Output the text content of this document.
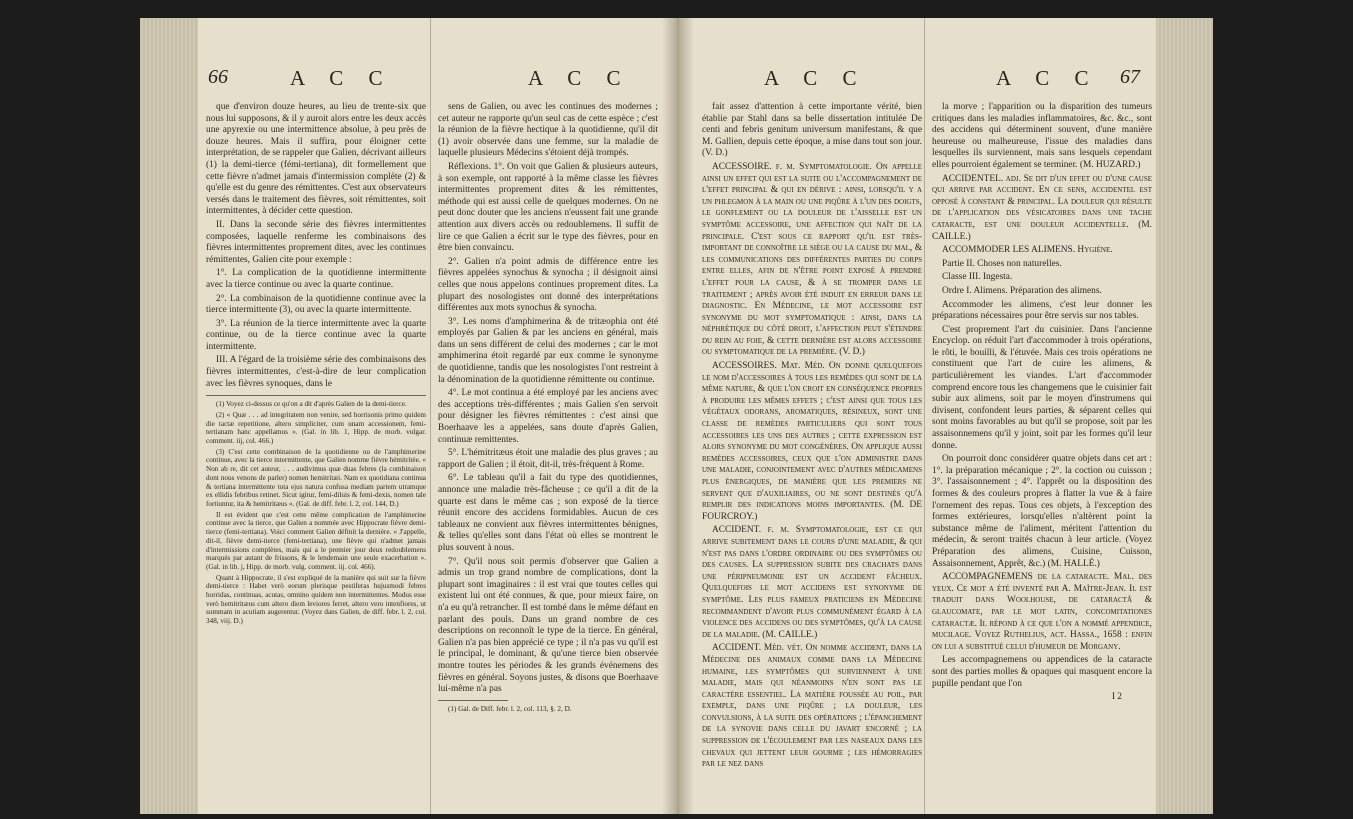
66	A C C	A C C

que d'environ douze heures, au lieu de trente-six que nous lui supposons, & il y auroit alors entre les deux accès une apyrexie ou une intermittence absolue, à peu près de douze heures. Mais il suffira, pour éloigner cette interprétation, de se rappeler que Galien, décrivant ailleurs (1) la demi-tierce (fémi-tertiana), dit formellement que cette fièvre n'admet jamais d'intermission complète (2) & qu'elle est du genre des rémittentes. C'est aux observateurs versés dans le traitement des fièvres, soit rémittentes, soit intermittentes, à décider cette question.

II. Dans la seconde série des fièvres intermittentes composées, laquelle renferme les combinaisons des fièvres intermittentes proprement dites, avec les continues rémittentes, Galien cite pour exemple :

1°. La complication de la quotidienne intermittente avec la tierce continue ou avec la quarte continue.

2°. La combinaison de la quotidienne continue avec la tierce intermittente (3), ou avec la quarte intermittente.

3°. La réunion de la tierce intermittente avec la quarte continue, ou de la tierce continue avec la quarte intermittente.

III. A l'égard de la troisième série des combinaisons des fièvres intermittentes, c'est-à-dire de leur complication avec les fièvres synoques, dans le

(1) Voyez ci-dessus ce qu'on a dit d'après Galien de la demi-tierce.

(2) « Quæ . . . ad integritatem non venire, sed horrisonis primo quidem die tactæ repetitione, altero simpliciter, cum unam accessionem, femi-tertianam hanc appellamus ». (Gal. in lib. 1, Hipp. de morb. vulgar. comment. iij, col. 466.)

(3) C'est cette combinaison de la quotidienne ou de l'amphimerine continue, avec la tierce intermittente, que Galien nomme fièvre hémitritée. « Non ab re, dit cet auteur, . . . audivimus quæ duas febres (la combinaison dont nous venons de parler) nomen hemitritæi. Nam ex quotidiana continua & tertiana intermittente tota ejus natura confusa mediam partem utramque ex ellidis febribus retinet. Sicut igitur, femi-diluis & femi-dexis, nomen tale fortiuntur, ita & hemitritæus ». (Gal. de diff. febr. l. 2, col. 144, D.)

Il est évident que c'est cette même complication de l'amphimerine continue avec la tierce, que Galien a nommée avec Hippocrate fièvre demi-tierce (femi-tertiana). Voici comment Galien définit la dernière. « J'appelle, dit-il, fièvre demi-tierce (femi-tertiana), une fièvre qui n'admet jamais d'intermissions complètes, mais qui a le premier jour deux redoublemens marqués par autant de frissons, & le lendemain une seule exacerbation ». (Gal. in lib. j, Hipp. de morb. vulg. comment. iij. col. 466).

Quant à Hippocrate, il s'est expliqué de la manière qui suit sur la fièvre demi-tierce : Habet verò eorum plerisque pestiferas hujusmodi febres horridas, continuas, acutas, omnino quidem non intermittentes. Modus esse verò hemitritæus cum altero diem leviores ferret, altero vero intenfiores, ut summam in acutiam augerentur. (Voyez dans Galien, de diff. febr. l. 2, col. 348, viij. D.)

sens de Galien, ou avec les continues des modernes ; cet auteur ne rapporte qu'un seul cas de cette espèce ; c'est la réunion de la fièvre hectique à la quotidienne, qu'il dit (1) avoir observée dans une femme, sur la maladie de laquelle plusieurs Médecins s'étoient déjà trompés.

Réflexions. 1°. On voit que Galien & plusieurs auteurs, à son exemple, ont rapporté à la même classe les fièvres intermittentes proprement dites & les rémittentes, méthode qui est aussi celle de quelques modernes. On ne peut donc douter que les anciens n'eussent fait une grande attention aux divers accès ou redoublemens. Il suffit de lire ce que Galien a écrit sur le type des fièvres, pour en être bien convaincu.

2°. Galien n'a point admis de différence entre les fièvres appelées synochus & synocha ; il désignoit ainsi celles que nous appelons continues proprement dites. La plupart des nosologistes ont donné des interprétations différentes aux mots synochus & synocha.

3°. Les noms d'amphimerina & de tritæophia ont été employés par Galien & par les anciens en général, mais dans un sens différent de celui des modernes ; car le mot amphimerina étoit regardé par eux comme le synonyme de quotidienne, tandis que les nosologistes l'ont restreint à la dénomination de la quotidienne rémittente ou continue.

4°. Le mot continua a été employé par les anciens avec des acceptions très-différentes ; mais Galien s'en servoit pour désigner les fièvres rémittentes : c'est ainsi que Boerhaave les a appelées, sans doute d'après Galien, continuæ remittentes.

5°. L'hémitritæus étoit une maladie des plus graves ; au rapport de Galien ; il étoit, dit-il, très-fréquent à Rome.

6°. Le tableau qu'il a fait du type des quotidiennes, annonce une maladie très-fâcheuse ; ce qu'il a dit de la quarte est dans le même cas ; son exposé de la tierce réunit encore des accidens formidables. Aucun de ces tableaux ne convient aux fièvres intermittentes bénignes, & telles qu'elles sont dans l'état où elles se montrent le plus souvent à nous.

7°. Qu'il nous soit permis d'observer que Galien a admis un trop grand nombre de complications, dont la plupart sont imaginaires : il est vrai que toutes celles qui existent lui ont été connues, & que, pour mieux faire, on n'a eu qu'à retrancher. Il est tombé dans le même défaut en parlant des pouls. Dans un grand nombre de ces descriptions on reconnoît le type de la tierce. En général, Galien n'a pas bien apprécié ce type ; il n'a pas vu qu'il est le principal, le dominant, & qu'une tierce bien observée montre toutes les périodes & les grands événemens des fièvres en général. Soyons justes, & disons que Boerhaave lui-même n'a pas

(1) Gal. de Diff. febr. l. 2, col. 113, §. 2, D.

A C C	A C C 67

fait assez d'attention à cette importante vérité, bien établie par Stahl dans sa belle dissertation intitulée De centi and febris genitum universum manifestans, & que M. Gallien, depuis cette époque, a mise dans tout son jour. (V. D.)

ACCESSOIRE. f. m. Symptomatologie. On appelle ainsi un effet qui est la suite ou l'accompagnement de l'effet principal & qui en dérive : ainsi, lorsqu'il y a un phlegmon à la main ou une piqûre à l'un des doigts, le gonflement ou la douleur de l'aisselle est un symptôme accessoire, une affection qui naît de la principale. C'est sous ce rapport qu'il est très-important de connoître le siège ou la cause du mal, & les communications des différentes parties du corps entre elles, afin de n'être point exposé à prendre l'effet pour la cause, & à se tromper dans le traitement ; après avoir été induit en erreur dans le diagnostic. En Médecine, le mot accessoire est synonyme du mot symptomatique : ainsi, dans la néphrétique du côté droit, l'affection peut s'étendre du rein au foie, & cette dernière est alors accessoire ou symptomatique de la première. (V. D.)

ACCESSOIRES. Mat. Méd. On donne quelquefois le nom d'accessoires à tous les remèdes qui sont de la même nature, & que l'on croit en conséquence propres à produire les mêmes effets ; c'est ainsi que tous les végétaux odorans, aromatiques, résineux, sont une classe de remèdes particuliers qui sont tous accessoires les uns des autres ; cette expression est alors synonyme du mot congénères. On applique aussi remèdes accessoires, ceux que l'on administre dans une maladie, conjointement avec d'autres médicamens plus énergiques, de manière que les premiers ne servent que d'auxiliaires, ou ne sont destinés qu'à remplir des indications moins importantes. (M. DE FOURCROY.)

ACCIDENT. f. m. Symptomatologie, est ce qui arrive subitement dans le cours d'une maladie, & qui n'est pas dans l'ordre ordinaire ou des symptômes ou des causes. La suppression subite des crachats dans une péripneumonie est un accident fâcheux. Quelquefois le mot accidens est synonyme de symptôme. Les plus fameux praticiens en Médecine recommandent d'avoir plus communément égard à la violence des accidens ou des symptômes, qu'à la cause de la maladie. (M. CAILLE.)

ACCIDENT. Méd. vét. On nomme accident, dans la Médecine des animaux comme dans la Médecine humaine, les symptômes qui surviennent à une maladie, mais qui néanmoins n'en sont pas le caractère essentiel. La matière foussée au poil, par exemple, dans une piqûre ; la douleur, les convulsions, à la suite des opérations ; l'épanchement de la synovie dans celle du javart encorné ; la suppression de l'écoulement par les naseaux dans les chevaux qui jettent leur gourme ; les hémorragies par le nez dans

la morve ; l'apparition ou la disparition des tumeurs critiques dans les maladies inflammatoires, &c. &c., sont des accidens qui déterminent souvent, d'une manière heureuse ou malheureuse, l'issue des maladies dans lesquelles ils surviennent, mais sans lesquels cependant elles pourroient également se terminer. (M. HUZARD.)

ACCIDENTEL. adj. Se dit d'un effet ou d'une cause qui arrive par accident. En ce sens, accidentel est opposé à constant & principal. La douleur qui résulte de l'application des vésicatoires dans une tache cataracte, est une douleur accidentelle. (M. CAILLE.)

ACCOMMODER LES ALIMENS. Hygiène.

Partie II. Choses non naturelles.

Classe III. Ingesta.

Ordre I. Alimens. Préparation des alimens.

Accommoder les alimens, c'est leur donner les préparations nécessaires pour être servis sur nos tables.

C'est proprement l'art du cuisinier. Dans l'ancienne Encyclop. on réduit l'art d'accommoder à trois opérations, le rôti, le bouilli, & l'étuvée. Mais ces trois opérations ne constituent que l'art de cuire les alimens, & particulièrement les viandes. L'art d'accommoder comprend encore tous les changemens que le cuisinier fait subir aux alimens, soit par le moyen d'instrumens qui divisent, confondent leurs parties, & séparent celles qui sont moins favorables au but qu'il se propose, soit par les assaisonnemens qu'il y joint, soit par les formes qu'il leur donne.

On pourroit donc considérer quatre objets dans cet art : 1°. la préparation mécanique ; 2°. la coction ou cuisson ; 3°. l'assaisonnement ; 4°. l'apprêt ou la disposition des formes & des couleurs propres à flatter la vue & à faire l'ornement des repas. Tous ces objets, à l'exception des formes extérieures, lorsqu'elles n'altèrent point la substance même de l'aliment, méritent l'attention du médecin, & seront traités chacun à leur article. (Voyez Préparation des alimens, Cuisine, Cuisson, Assaisonnement, Apprêt, &c.) (M. HALLÉ.)

ACCOMPAGNEMENS de la cataracte. Mal. des yeux. Ce mot a été inventé par A. Maître-Jean. Il est traduit dans Woolhouse, de cataractâ & glaucomate, par le mot latin, concomitationes cataractæ. Il répond à ce que l'on a nommé appendice, mucilage. Voyez Ruthelius, act. Hassa., 1658 : enfin on lui a substitué celui d'humeur de Morgany.

Les accompagnemens ou appendices de la cataracte sont des parties molles & opaques qui masquent encore la pupille pendant que l'on

I 2
